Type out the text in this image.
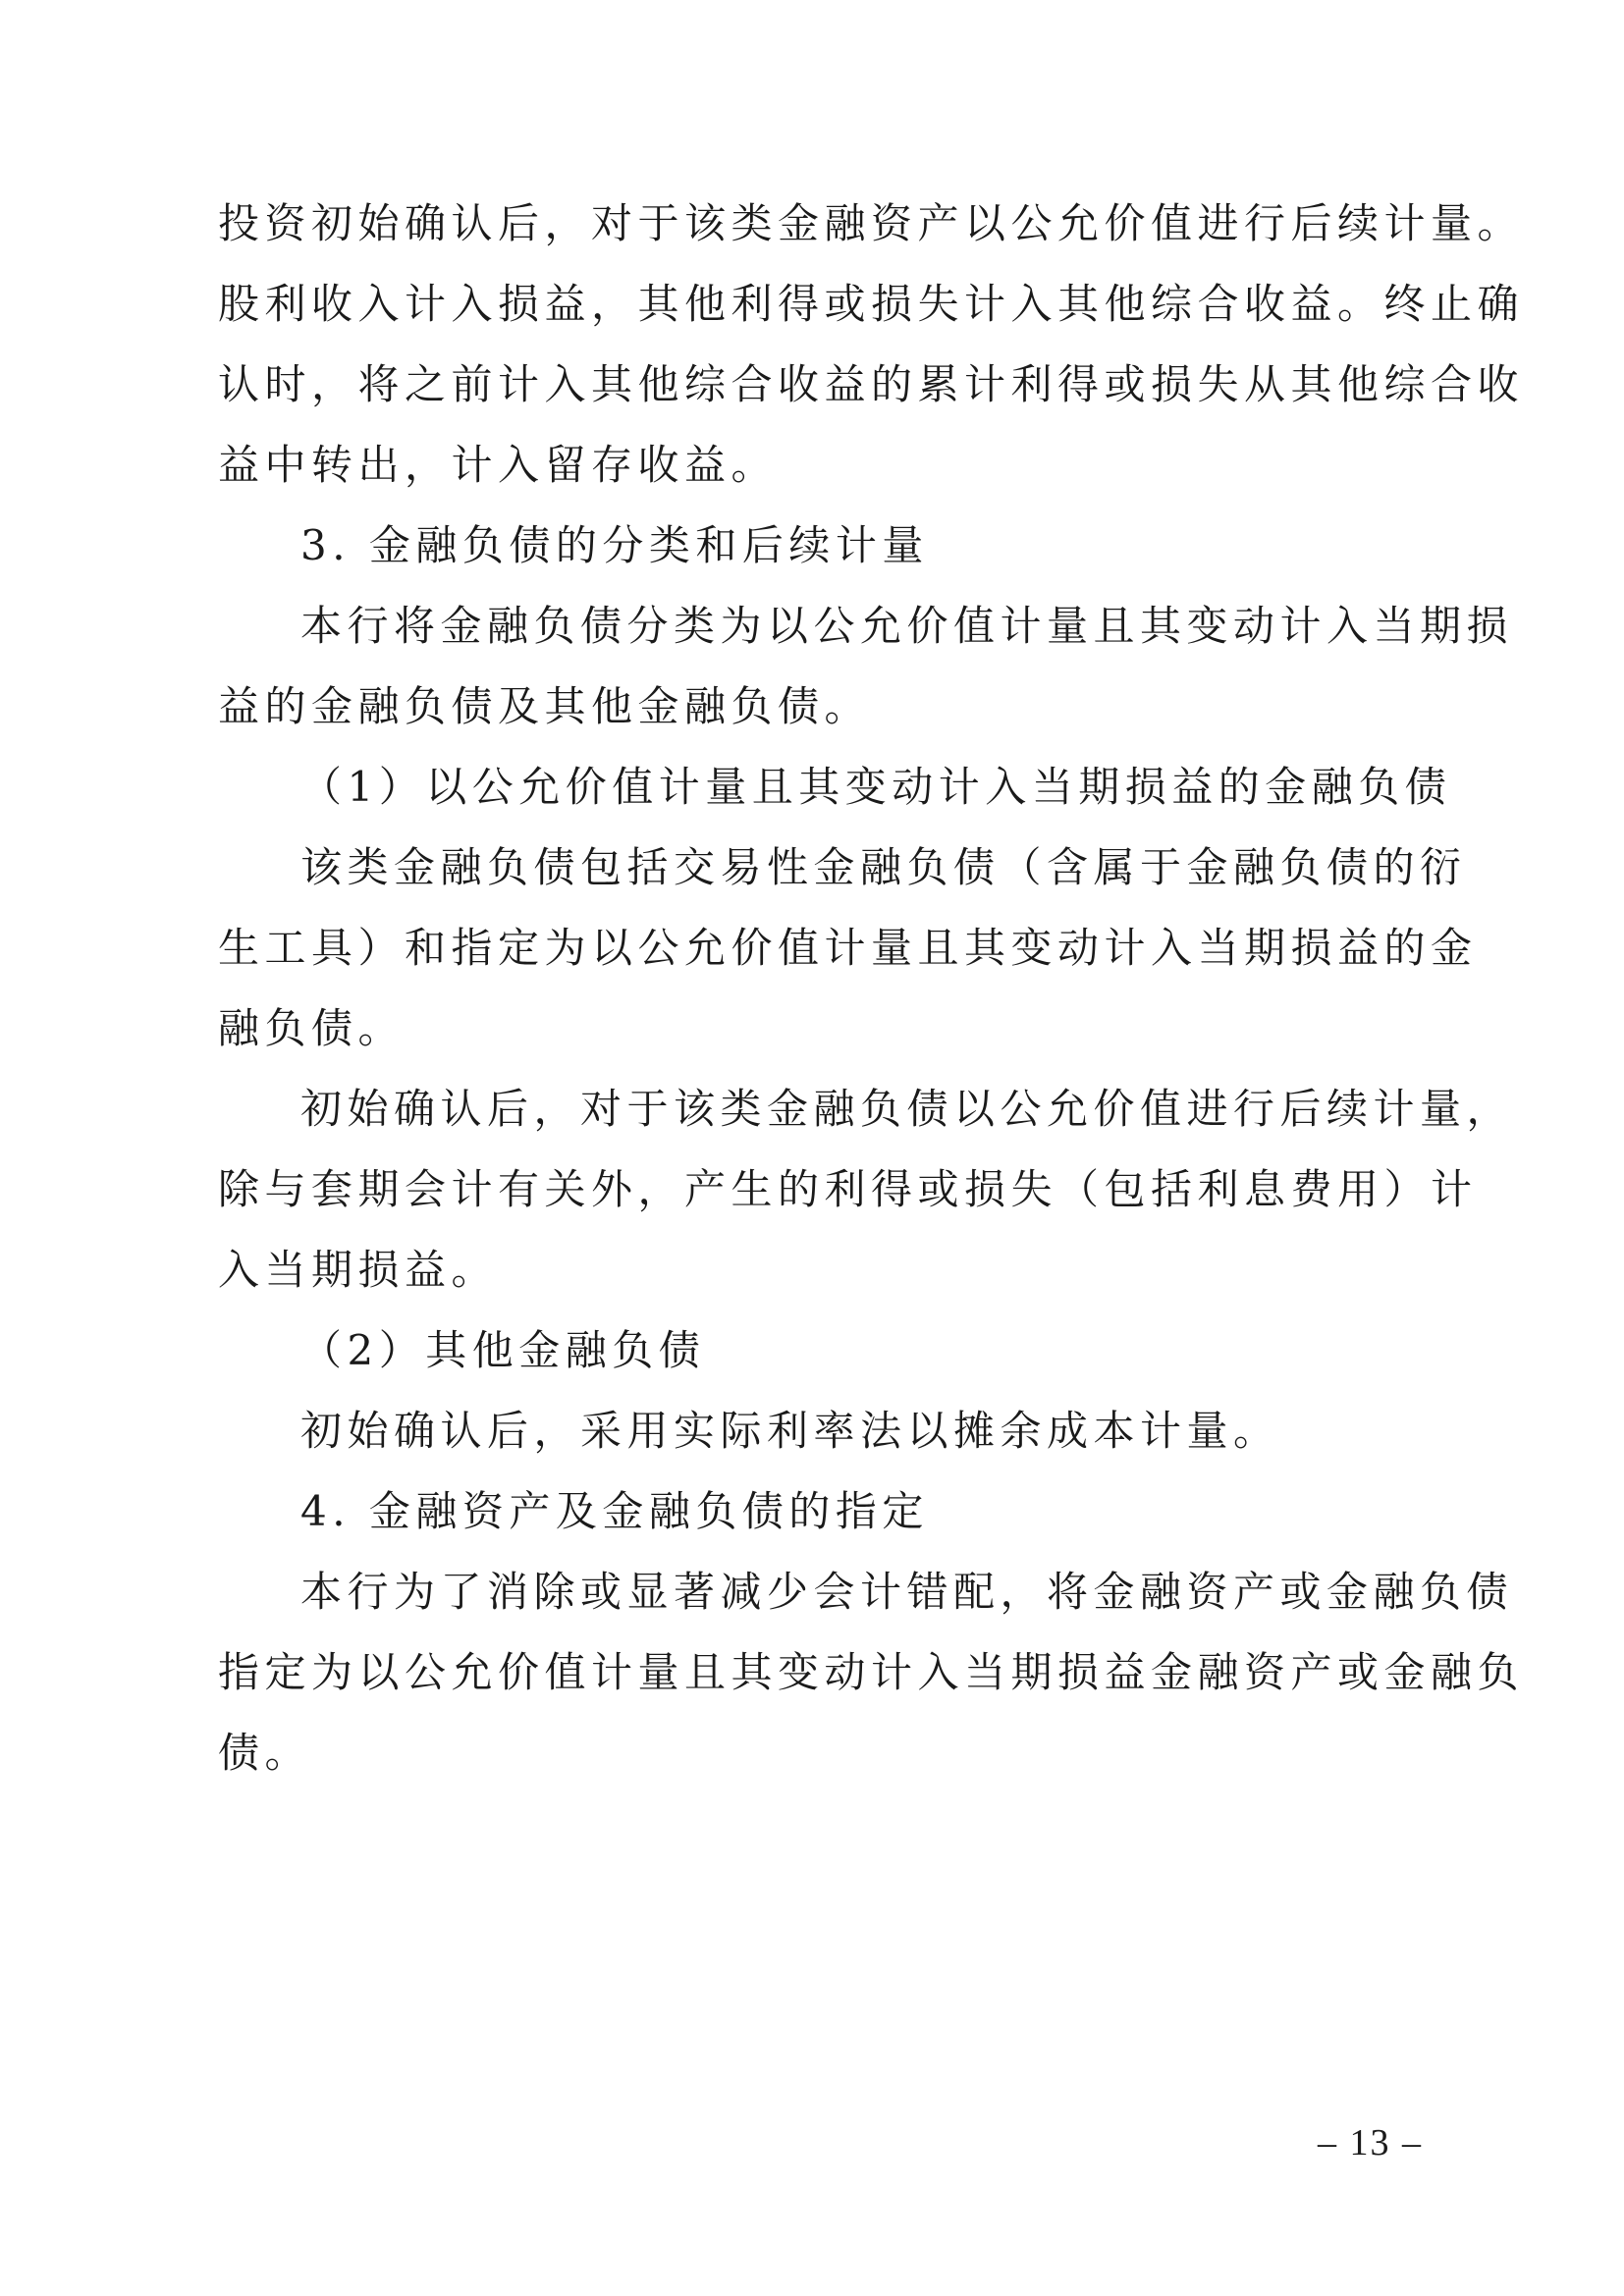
投资初始确认后，对于该类金融资产以公允价值进行后续计量。
股利收入计入损益，其他利得或损失计入其他综合收益。终止确
认时，将之前计入其他综合收益的累计利得或损失从其他综合收
益中转出，计入留存收益。
3. 金融负债的分类和后续计量
本行将金融负债分类为以公允价值计量且其变动计入当期损
益的金融负债及其他金融负债。
（1）以公允价值计量且其变动计入当期损益的金融负债
该类金融负债包括交易性金融负债（含属于金融负债的衍
生工具）和指定为以公允价值计量且其变动计入当期损益的金
融负债。
初始确认后，对于该类金融负债以公允价值进行后续计量，
除与套期会计有关外，产生的利得或损失（包括利息费用）计
入当期损益。
（2）其他金融负债
初始确认后，采用实际利率法以摊余成本计量。
4. 金融资产及金融负债的指定
本行为了消除或显著减少会计错配，将金融资产或金融负债
指定为以公允价值计量且其变动计入当期损益金融资产或金融负
债。
– 13 –
